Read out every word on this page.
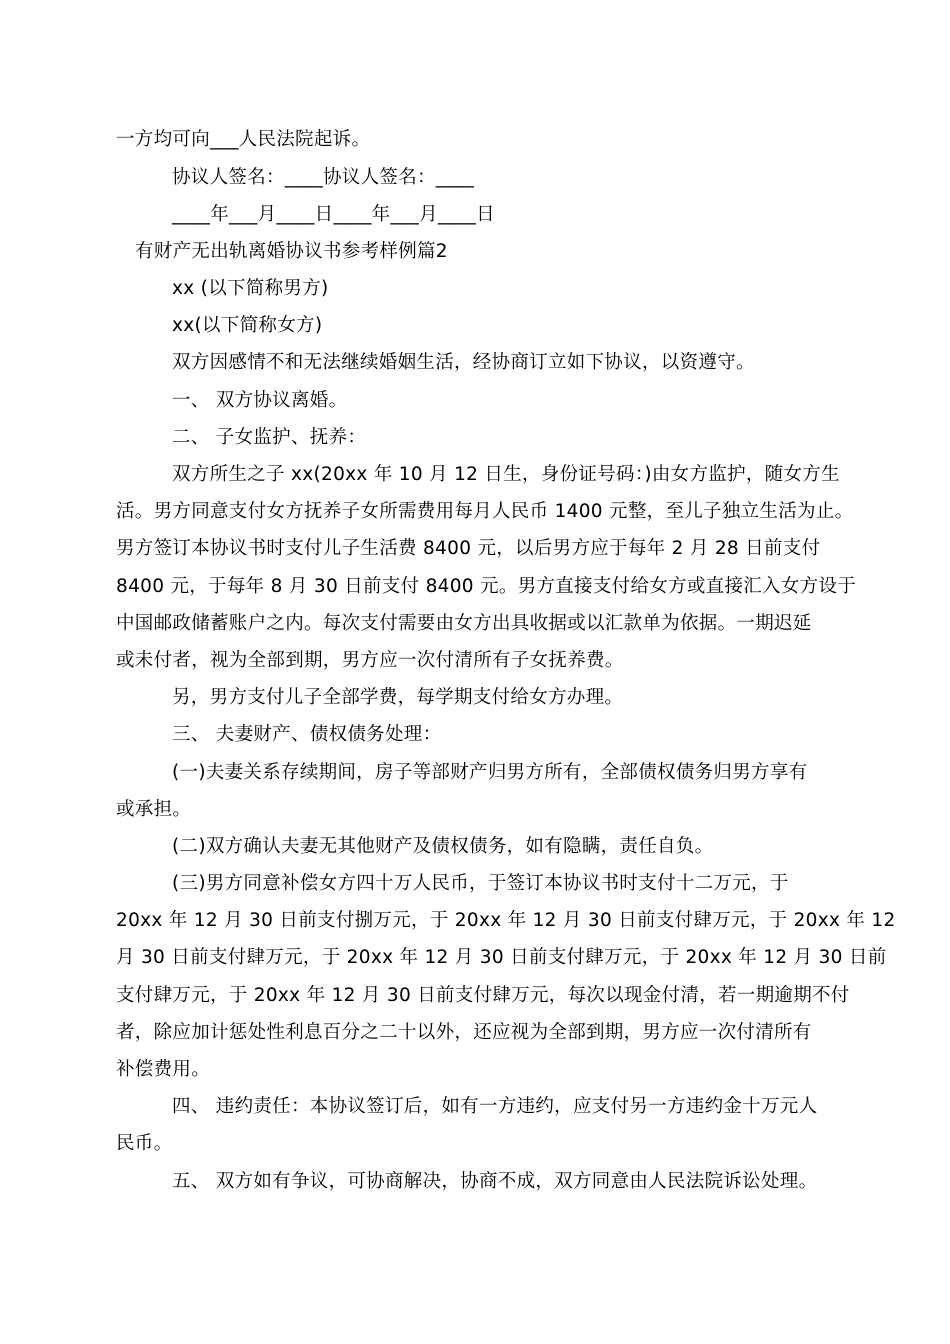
一方均可向___人民法院起诉。
协议人签名：____协议人签名：____
____年___月____日____年___月____日
有财产无出轨离婚协议书参考样例篇2
xx (以下简称男方)
xx(以下简称女方)
双方因感情不和无法继续婚姻生活，经协商订立如下协议，以资遵守。
一、 双方协议离婚。
二、 子女监护、抚养：
双方所生之子 xx(20xx 年 10 月 12 日生，身份证号码：)由女方监护，随女方生
活。男方同意支付女方抚养子女所需费用每月人民币 1400 元整，至儿子独立生活为止。
男方签订本协议书时支付儿子生活费 8400 元，以后男方应于每年 2 月 28 日前支付
8400 元，于每年 8 月 30 日前支付 8400 元。男方直接支付给女方或直接汇入女方设于
中国邮政储蓄账户之内。每次支付需要由女方出具收据或以汇款单为依据。一期迟延
或未付者，视为全部到期，男方应一次付清所有子女抚养费。
另，男方支付儿子全部学费，每学期支付给女方办理。
三、 夫妻财产、债权债务处理：
(一)夫妻关系存续期间，房子等部财产归男方所有，全部债权债务归男方享有
或承担。
(二)双方确认夫妻无其他财产及债权债务，如有隐瞒，责任自负。
(三)男方同意补偿女方四十万人民币，于签订本协议书时支付十二万元，于
20xx 年 12 月 30 日前支付捌万元，于 20xx 年 12 月 30 日前支付肆万元，于 20xx 年 12
月 30 日前支付肆万元，于 20xx 年 12 月 30 日前支付肆万元，于 20xx 年 12 月 30 日前
支付肆万元，于 20xx 年 12 月 30 日前支付肆万元，每次以现金付清，若一期逾期不付
者，除应加计惩处性利息百分之二十以外，还应视为全部到期，男方应一次付清所有
补偿费用。
四、 违约责任：本协议签订后，如有一方违约，应支付另一方违约金十万元人
民币。
五、 双方如有争议，可协商解决，协商不成，双方同意由人民法院诉讼处理。
